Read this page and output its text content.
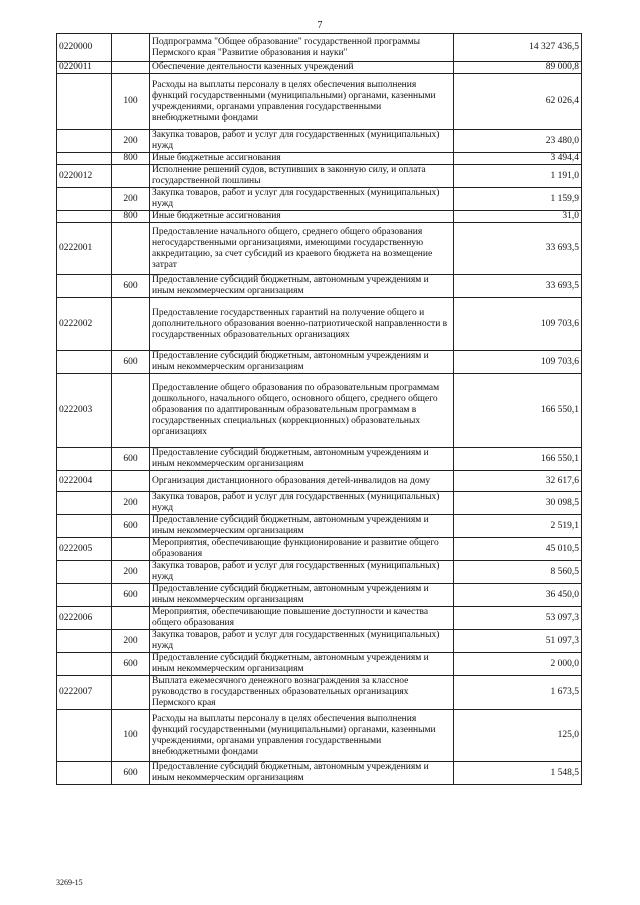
7
0220000		Подпрограмма "Общее образование" государственной программы Пермского края "Развитие образования и науки"	14 327 436,5
0220011		Обеспечение деятельности казенных учреждений	89 000,8
	100	Расходы на выплаты персоналу в целях обеспечения выполнения функций государственными (муниципальными) органами, казенными учреждениями, органами управления государственными внебюджетными фондами	62 026,4
	200	Закупка товаров, работ и услуг для государственных (муниципальных) нужд	23 480,0
	800	Иные бюджетные ассигнования	3 494,4
0220012		Исполнение решений судов, вступивших в законную силу, и оплата государственной пошлины	1 191,0
	200	Закупка товаров, работ и услуг для государственных (муниципальных) нужд	1 159,9
	800	Иные бюджетные ассигнования	31,0
0222001		Предоставление начального общего, среднего общего образования негосударственными организациями, имеющими государственную аккредитацию, за счет субсидий из краевого бюджета на возмещение затрат	33 693,5
	600	Предоставление субсидий бюджетным, автономным учреждениям и иным некоммерческим организациям	33 693,5
0222002		Предоставление государственных гарантий на получение общего и дополнительного образования военно-патриотической направленности в государственных образовательных организациях	109 703,6
	600	Предоставление субсидий бюджетным, автономным учреждениям и иным некоммерческим организациям	109 703,6
0222003		Предоставление общего образования по образовательным программам дошкольного, начального общего, основного общего, среднего общего образования по адаптированным образовательным программам в государственных специальных (коррекционных) образовательных организациях	166 550,1
	600	Предоставление субсидий бюджетным, автономным учреждениям и иным некоммерческим организациям	166 550,1
0222004		Организация дистанционного образования детей-инвалидов на дому	32 617,6
	200	Закупка товаров, работ и услуг для государственных (муниципальных) нужд	30 098,5
	600	Предоставление субсидий бюджетным, автономным учреждениям и иным некоммерческим организациям	2 519,1
0222005		Мероприятия, обеспечивающие функционирование и развитие общего образования	45 010,5
	200	Закупка товаров, работ и услуг для государственных (муниципальных) нужд	8 560,5
	600	Предоставление субсидий бюджетным, автономным учреждениям и иным некоммерческим организациям	36 450,0
0222006		Мероприятия, обеспечивающие повышение доступности и качества общего образования	53 097,3
	200	Закупка товаров, работ и услуг для государственных (муниципальных) нужд	51 097,3
	600	Предоставление субсидий бюджетным, автономным учреждениям и иным некоммерческим организациям	2 000,0
0222007		Выплата ежемесячного денежного вознаграждения за классное руководство в государственных образовательных организациях Пермского края	1 673,5
	100	Расходы на выплаты персоналу в целях обеспечения выполнения функций государственными (муниципальными) органами, казенными учреждениями, органами управления государственными внебюджетными фондами	125,0
	600	Предоставление субсидий бюджетным, автономным учреждениям и иным некоммерческим организациям	1 548,5
3269-15
